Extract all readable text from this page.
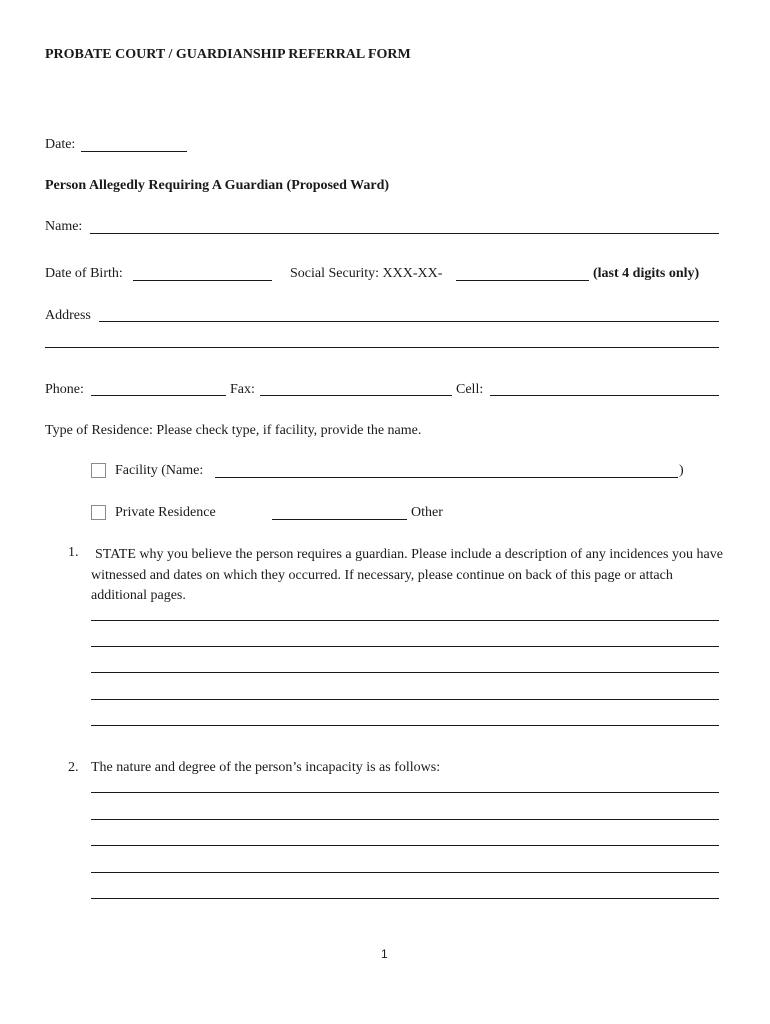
PROBATE COURT / GUARDIANSHIP REFERRAL FORM
Date:
Person Allegedly Requiring A Guardian (Proposed Ward)
Name:
Date of Birth:	Social Security: XXX-XX-	(last 4 digits only)
Address
Phone:	Fax:	Cell:
Type of Residence: Please check type, if facility, provide the name.
Facility (Name:	)
Private Residence	Other
1. STATE why you believe the person requires a guardian. Please include a description of any incidences you have witnessed and dates on which they occurred. If necessary, please continue on back of this page or attach additional pages.
2. The nature and degree of the person’s incapacity is as follows:
1
